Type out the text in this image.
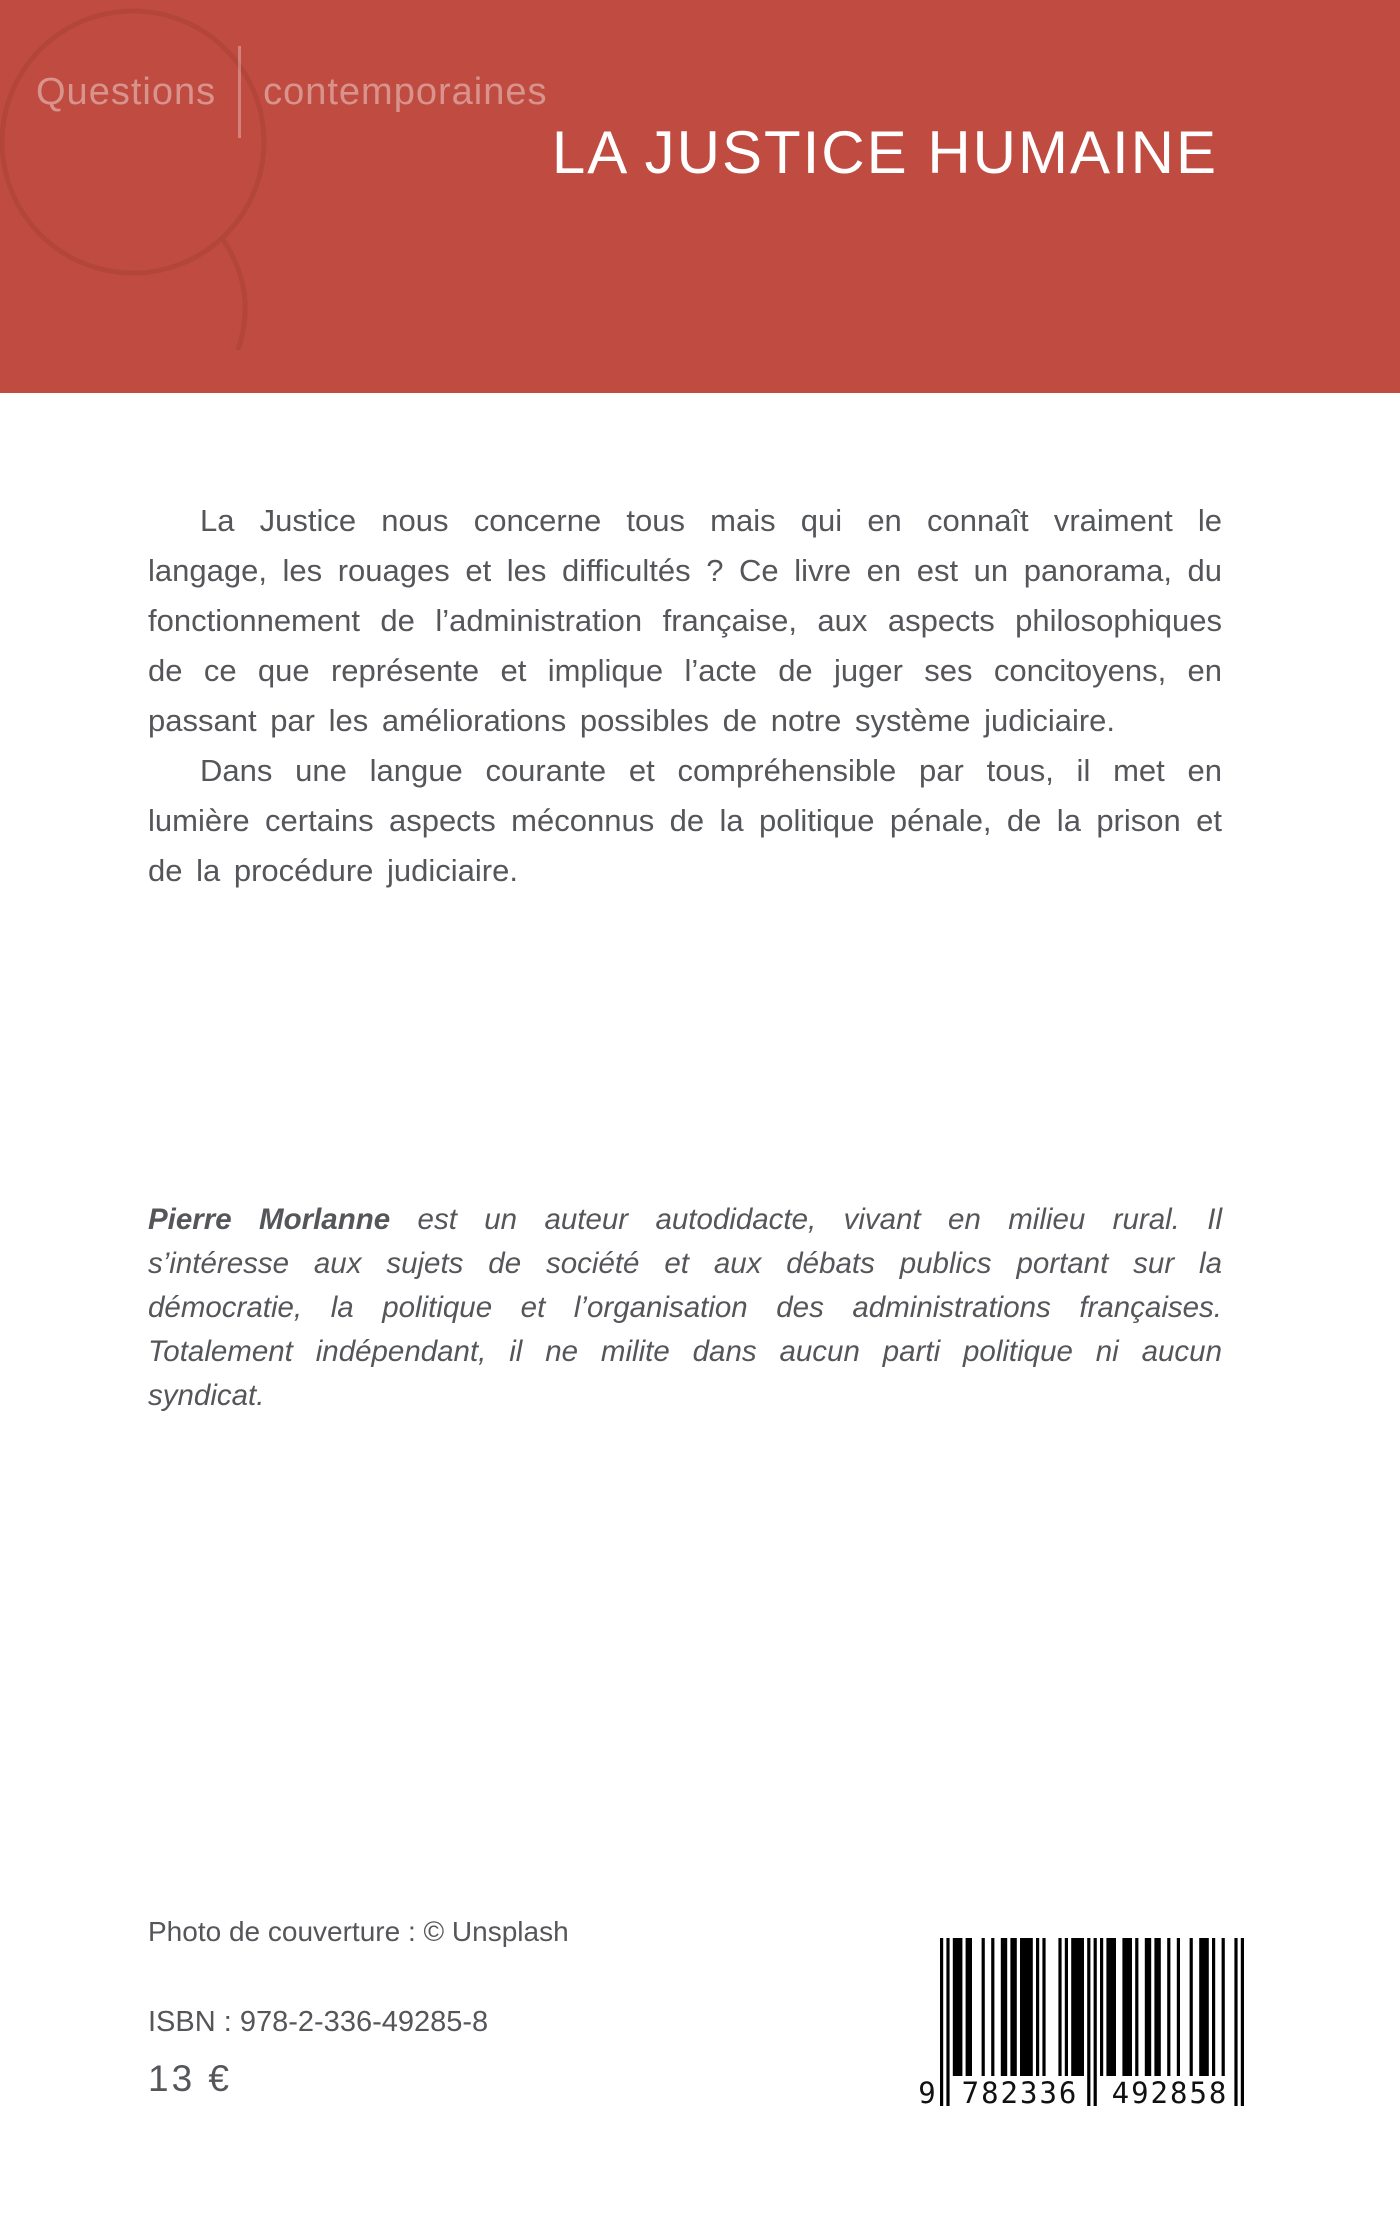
Questions contemporaines
LA JUSTICE HUMAINE

La Justice nous concerne tous mais qui en connaît vraiment le langage, les rouages et les difficultés ? Ce livre en est un panorama, du fonctionnement de l’administration française, aux aspects philosophiques de ce que représente et implique l’acte de juger ses concitoyens, en passant par les améliorations possibles de notre système judiciaire.

Dans une langue courante et compréhensible par tous, il met en lumière certains aspects méconnus de la politique pénale, de la prison et de la procédure judiciaire.

Pierre Morlanne est un auteur autodidacte, vivant en milieu rural. Il s’intéresse aux sujets de société et aux débats publics portant sur la démocratie, la politique et l’organisation des administrations françaises. Totalement indépendant, il ne milite dans aucun parti politique ni aucun syndicat.

Photo de couverture : © Unsplash
ISBN : 978-2-336-49285-8
13 €	9 782336	492858
